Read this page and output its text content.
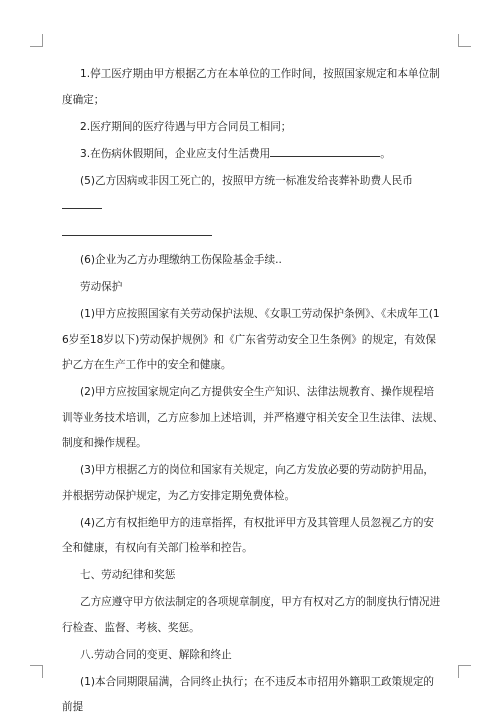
1.停工医疗期由甲方根据乙方在本单位的工作时间，按照国家规定和本单位制度确定；

2.医疗期间的医疗待遇与甲方合同员工相同；

3.在伤病休假期间，企业应支付生活费用	。

(5)乙方因病或非因工死亡的，按照甲方统一标准发给丧葬补助费人民币

(6)企业为乙方办理缴纳工伤保险基金手续..

劳动保护

(1)甲方应按照国家有关劳动保护法规、《女职工劳动保护条例》、《未成年工(16岁至18岁以下)劳动保护规例》和《广东省劳动安全卫生条例》的规定，有效保护乙方在生产工作中的安全和健康。

(2)甲方应按国家规定向乙方提供安全生产知识、法律法规教育、操作规程培训等业务技术培训，乙方应参加上述培训，并严格遵守相关安全卫生法律、法规、制度和操作规程。

(3)甲方根据乙方的岗位和国家有关规定，向乙方发放必要的劳动防护用品，并根据劳动保护规定，为乙方安排定期免费体检。

(4)乙方有权拒绝甲方的违章指挥，有权批评甲方及其管理人员忽视乙方的安全和健康，有权向有关部门检举和控告。

七、劳动纪律和奖惩

乙方应遵守甲方依法制定的各项规章制度，甲方有权对乙方的制度执行情况进行检查、监督、考核、奖惩。

八.劳动合同的变更、解除和终止

(1)本合同期限届满，合同终止执行；在不违反本市招用外籍职工政策规定的前提
